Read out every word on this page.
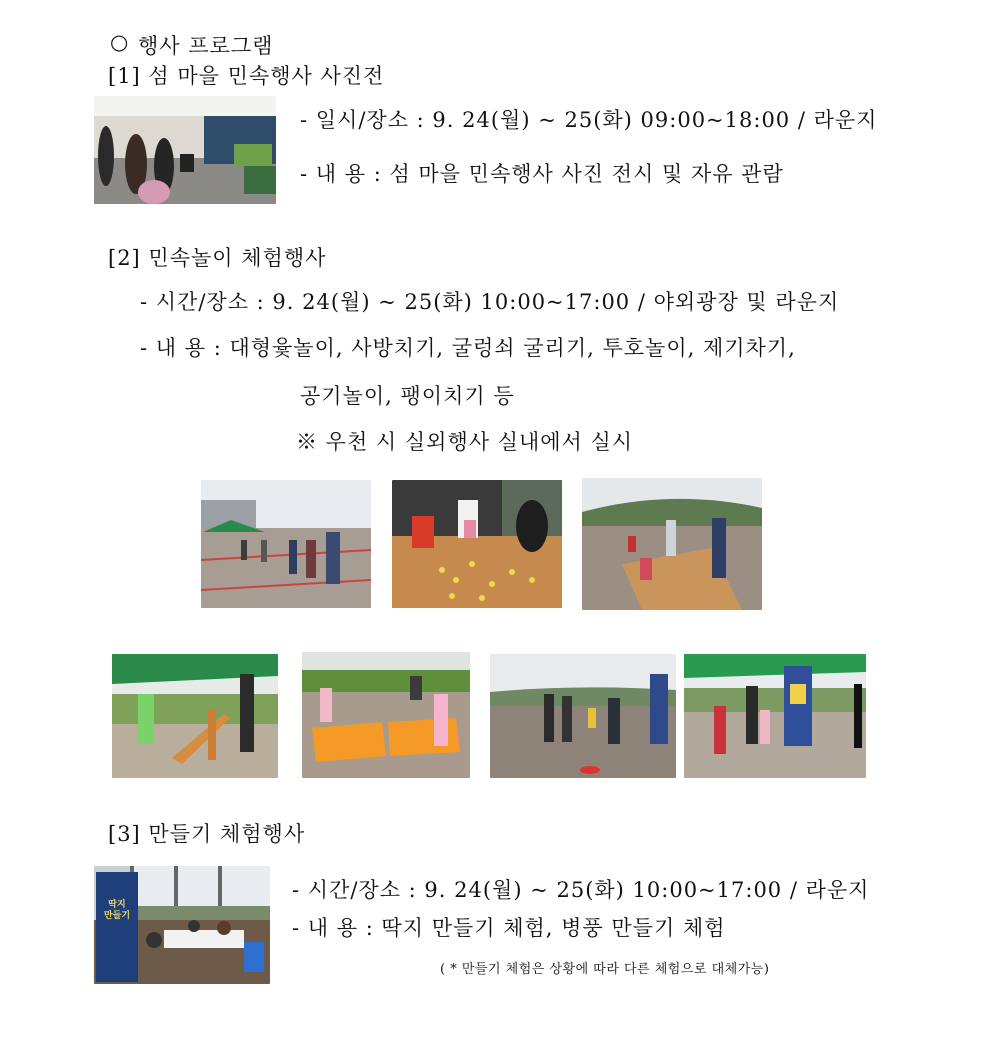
○ 행사 프로그램
[1] 섬 마을 민속행사 사진전
- 일시/장소 : 9. 24(월) ~ 25(화) 09:00~18:00 / 라운지
- 내 용 : 섬 마을 민속행사 사진 전시 및 자유 관람
[2] 민속놀이 체험행사
- 시간/장소 : 9. 24(월) ~ 25(화) 10:00~17:00 / 야외광장 및 라운지
- 내 용 : 대형윷놀이, 사방치기, 굴렁쇠 굴리기, 투호놀이, 제기차기,
공기놀이, 팽이치기 등
※ 우천 시 실외행사 실내에서 실시
[3] 만들기 체험행사
딱지
만들기
- 시간/장소 : 9. 24(월) ~ 25(화) 10:00~17:00 / 라운지
- 내 용 : 딱지 만들기 체험, 병풍 만들기 체험
( * 만들기 체험은 상황에 따라 다른 체험으로 대체가능)
